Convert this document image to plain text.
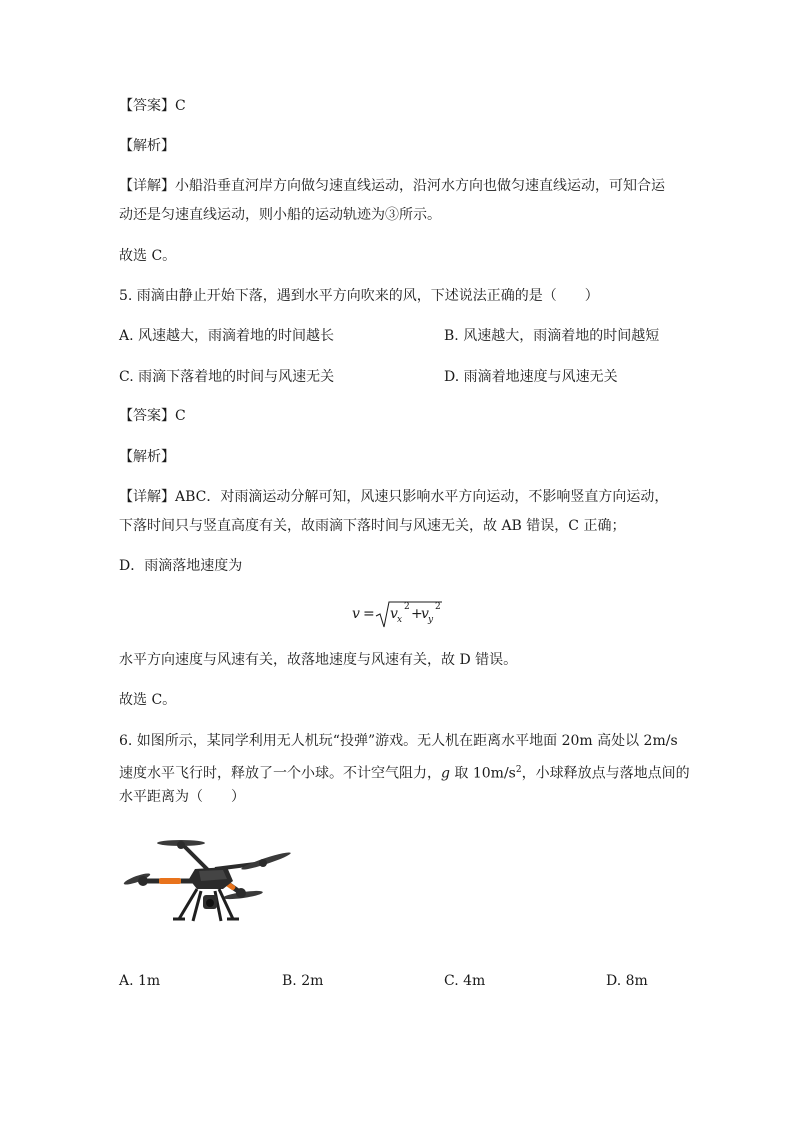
【答案】C
【解析】
【详解】小船沿垂直河岸方向做匀速直线运动，沿河水方向也做匀速直线运动，可知合运
动还是匀速直线运动，则小船的运动轨迹为③所示。
故选 C。
5. 雨滴由静止开始下落，遇到水平方向吹来的风，下述说法正确的是（　　）
A. 风速越大，雨滴着地的时间越长	B. 风速越大，雨滴着地的时间越短
C. 雨滴下落着地的时间与风速无关	D. 雨滴着地速度与风速无关
【答案】C
【解析】
【详解】ABC．对雨滴运动分解可知，风速只影响水平方向运动，不影响竖直方向运动，
下落时间只与竖直高度有关，故雨滴下落时间与风速无关，故 AB 错误，C 正确；
D．雨滴落地速度为
v = v x
2 +
v y
2
水平方向速度与风速有关，故落地速度与风速有关，故 D 错误。
故选 C。
6. 如图所示，某同学利用无人机玩“投弹”游戏。无人机在距离水平地面 20m 高处以 2m/s
速度水平飞行时，释放了一个小球。不计空气阻力，g 取 $10m/s^2$，小球释放点与落地点间的
水平距离为（　　）
A. 1m	B. 2m	C. 4m	D. 8m
